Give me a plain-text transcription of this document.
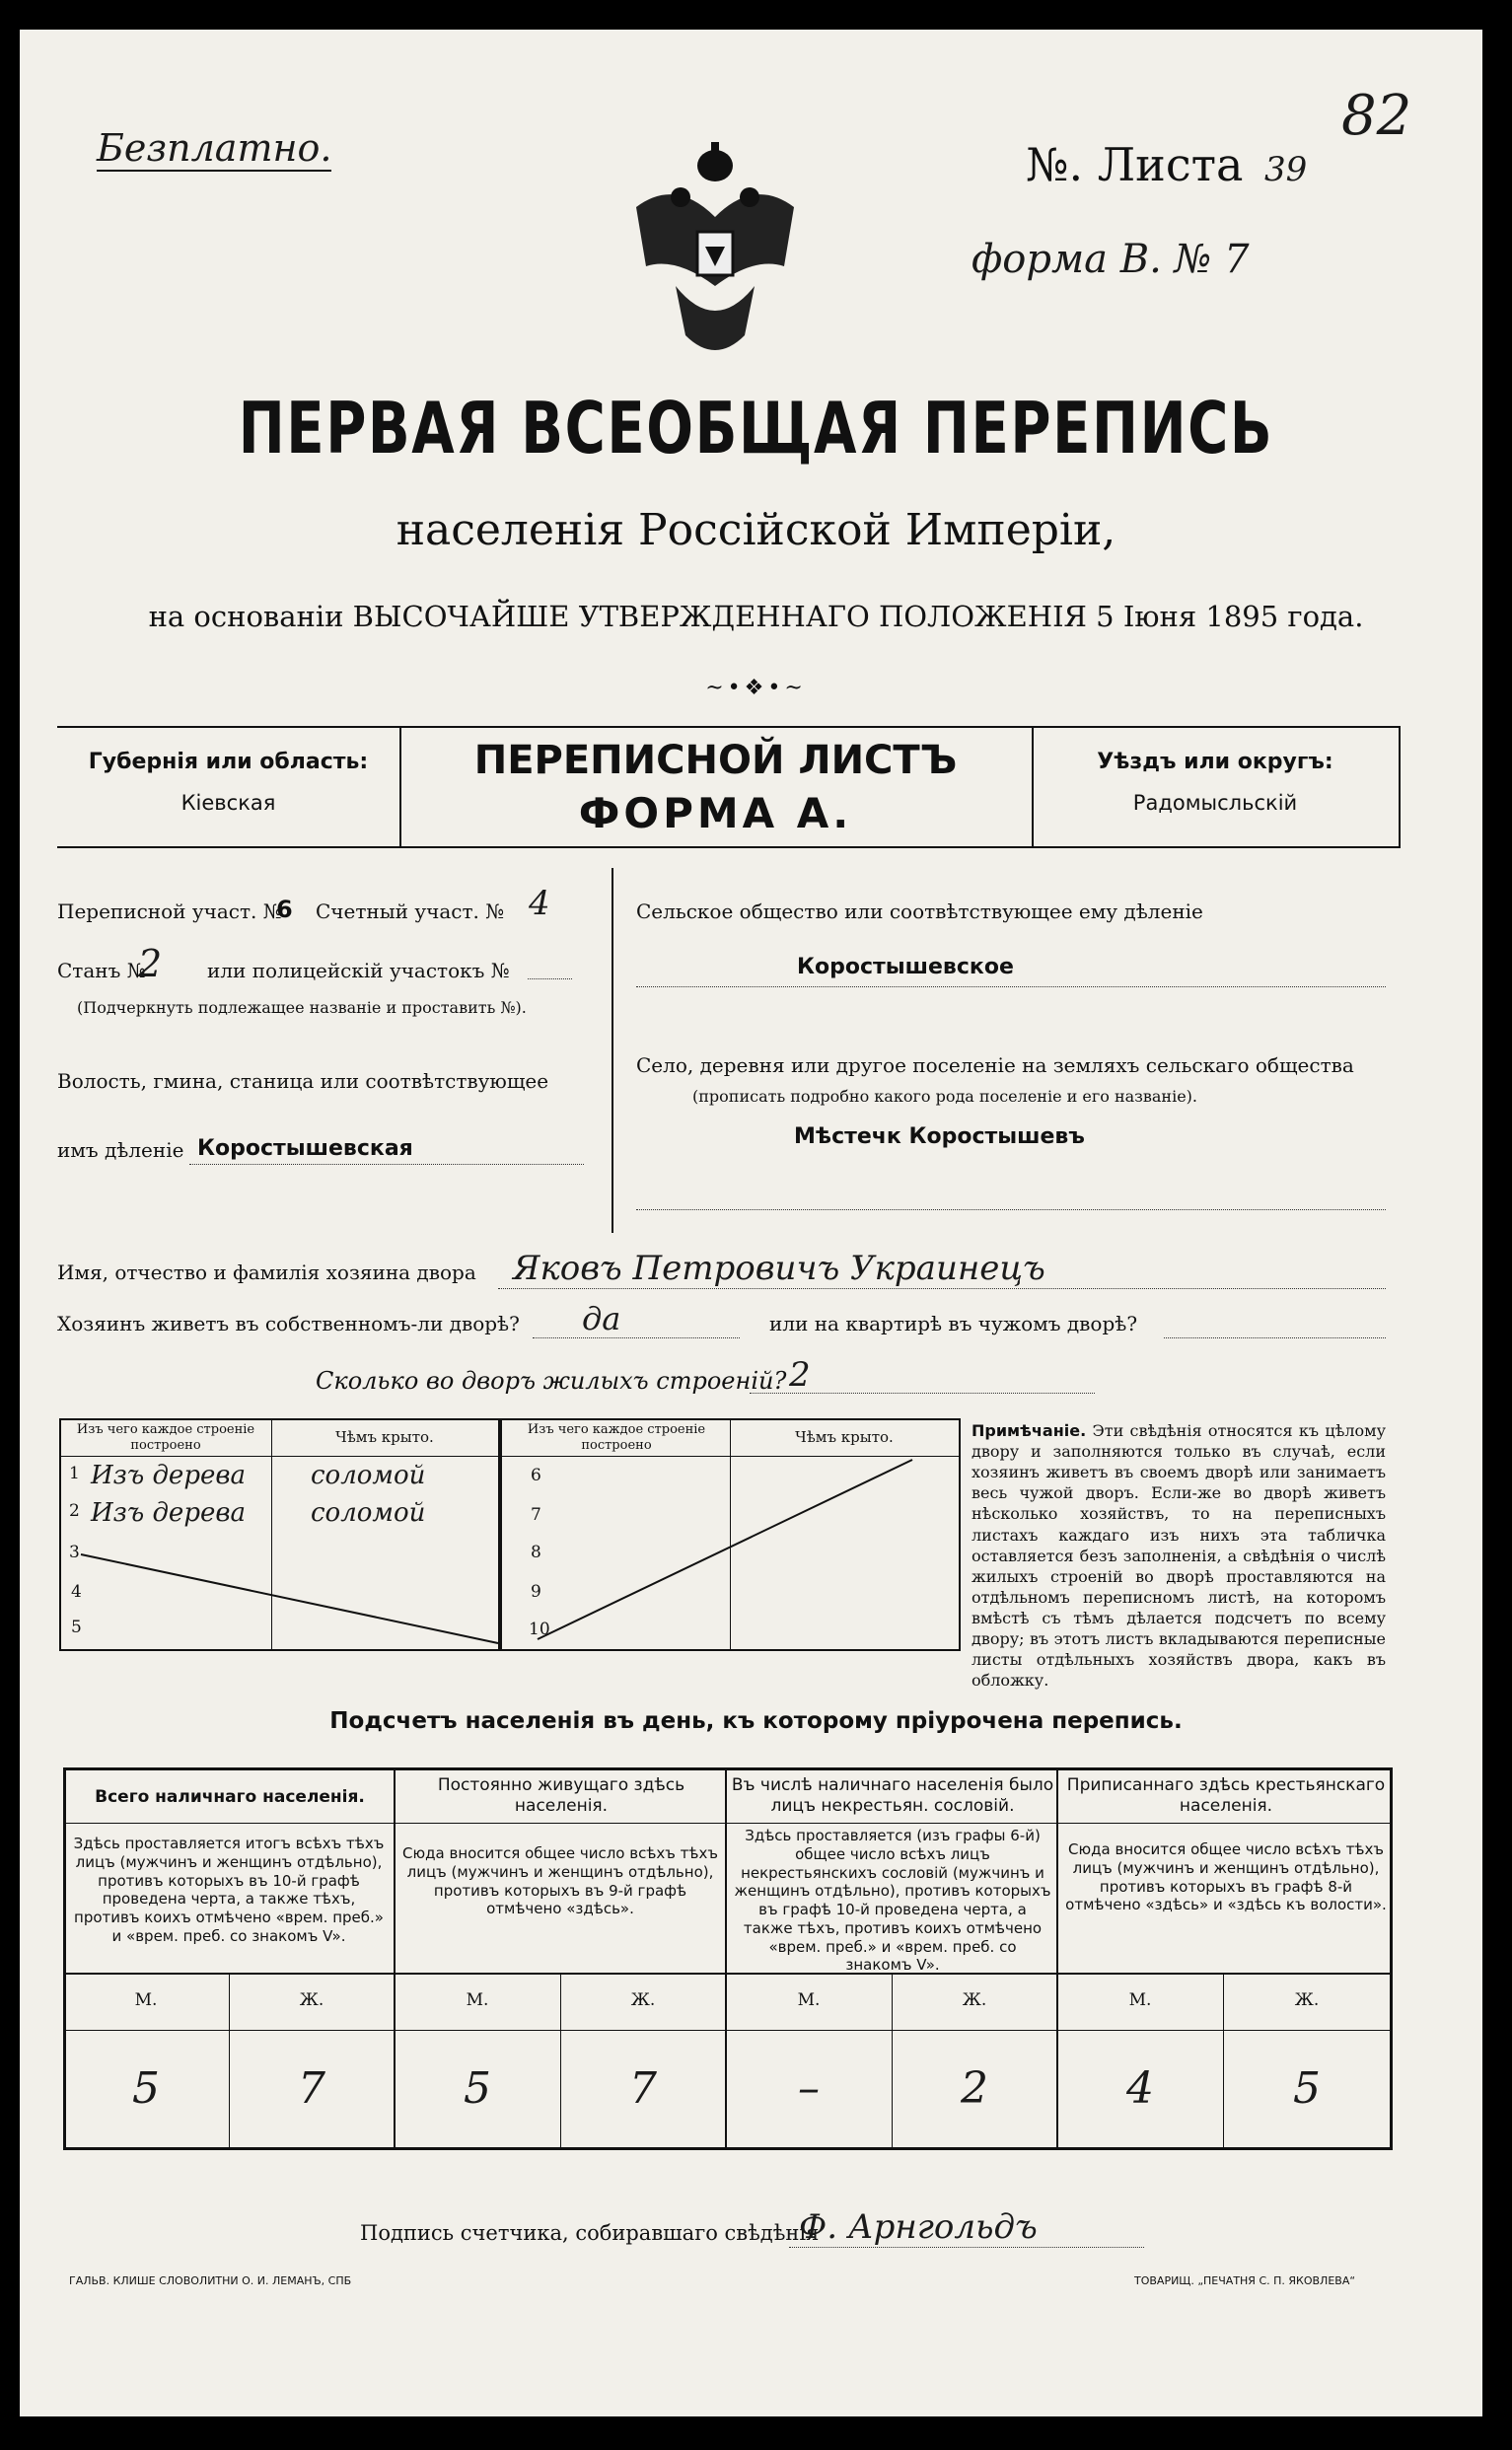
Безплатно.	№. Листа 39
82
форма В. № 7
ПЕРВАЯ ВСЕОБЩАЯ ПЕРЕПИСЬ
населенія Россійской Имперіи,
на основаніи ВЫСОЧАЙШЕ УТВЕРЖДЕННАГО ПОЛОЖЕНІЯ 5 Іюня 1895 года.
~•❖•~
Губернія или область:
Кіевская
ПЕРЕПИСНОЙ ЛИСТЪ
ФОРМА А.
Уѣздъ или округъ:
Радомысльскій
Переписной участ. №
6 Счетный участ. № 4
Станъ №
2 или полицейскій участокъ №
(Подчеркнуть подлежащее названіе и проставить №).
Волость, гмина, станица или соотвѣтствующее
имъ дѣленіе Коростышевская
Сельское общество или соотвѣтствующее ему дѣленіе
Коростышевское
Село, деревня или другое поселеніе на земляхъ сельскаго общества
(прописать подробно какого рода поселеніе и его названіе).
Мѣстечк Коростышевъ
Имя, отчество и фамилія хозяина двора Яковъ Петровичъ Украинецъ
Хозяинъ живетъ въ собственномъ-ли дворѣ? да	или на квартирѣ въ чужомъ дворѣ?
Сколько во дворъ жилыхъ строеній? 2
Изъ чего каждое строеніе построено	Чѣмъ крыто.	Изъ чего каждое строеніе построено	Чѣмъ крыто.
1 Изъ дерева	соломой
2 Изъ дерева	соломой
3
4
5
6
7
8
9
10
Примѣчаніе. Эти свѣдѣнія относятся къ цѣлому двору и заполняются только въ случаѣ, если хозяинъ живетъ въ своемъ дворѣ или занимаетъ весь чужой дворъ. Если-же во дворѣ живетъ нѣсколько хозяйствъ, то на переписныхъ листахъ каждаго изъ нихъ эта табличка оставляется безъ заполненія, а свѣдѣнія о числѣ жилыхъ строеній во дворѣ проставляются на отдѣльномъ переписномъ листѣ, на которомъ вмѣстѣ съ тѣмъ дѣлается подсчетъ по всему двору; въ этотъ листъ вкладываются переписные листы отдѣльныхъ хозяйствъ двора, какъ въ обложку.
Подсчетъ населенія въ день, къ которому пріурочена перепись.
Всего наличнаго населенія.
Здѣсь проставляется итогъ всѣхъ тѣхъ лицъ (мужчинъ и женщинъ отдѣльно), противъ которыхъ въ 10-й графѣ проведена черта, а также тѣхъ, противъ коихъ отмѣчено «врем. преб.» и «врем. преб. со знакомъ V».
М.	Ж.
5	7
Постоянно живущаго здѣсь населенія.
Сюда вносится общее число всѣхъ тѣхъ лицъ (мужчинъ и женщинъ отдѣльно), противъ которыхъ въ 9-й графѣ отмѣчено «здѣсь».
М.	Ж.
5	7
Въ числѣ наличнаго населенія было лицъ некрестьян. сословій.
Здѣсь проставляется (изъ графы 6-й) общее число всѣхъ лицъ некрестьянскихъ сословій (мужчинъ и женщинъ отдѣльно), противъ которыхъ въ графѣ 10-й проведена черта, а также тѣхъ, противъ коихъ отмѣчено «врем. преб.» и «врем. преб. со знакомъ V».
М.	Ж.
–	2
Приписаннаго здѣсь крестьянскаго населенія.
Сюда вносится общее число всѣхъ тѣхъ лицъ (мужчинъ и женщинъ отдѣльно), противъ которыхъ въ графѣ 8-й отмѣчено «здѣсь» и «здѣсь къ волости».
М.	Ж.
4	5
Подпись счетчика, собиравшаго свѣдѣнія
Ф. Арнгольдъ
ГАЛЬВ. КЛИШЕ СЛОВОЛИТНИ О. И. ЛЕМАНЪ, СПБ	ТОВАРИЩ. „ПЕЧАТНЯ С. П. ЯКОВЛЕВА“
